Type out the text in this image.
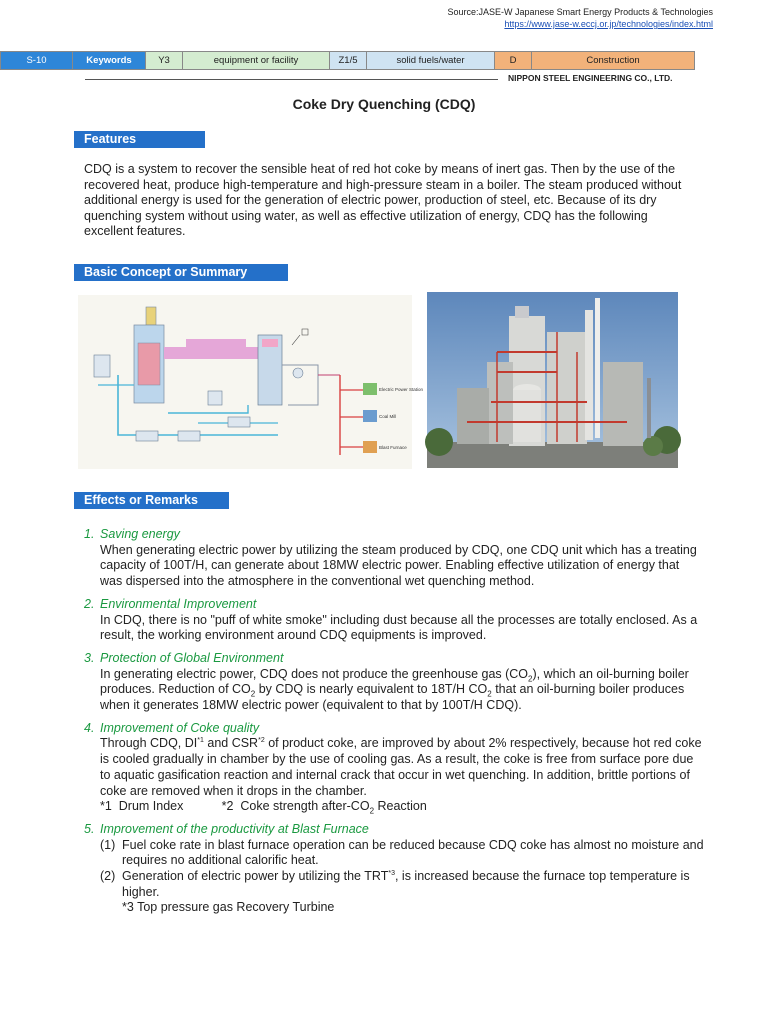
Source:JASE-W Japanese Smart Energy Products & Technologies
https://www.jase-w.eccj.or.jp/technologies/index.html
S-10	Keywords	Y3	equipment or facility	Z1/5	solid fuels/water	D	Construction
NIPPON STEEL ENGINEERING CO., LTD.
Coke Dry Quenching (CDQ)
Features
CDQ is a system to recover the sensible heat of red hot coke by means of inert gas. Then by the use of the recovered heat, produce high-temperature and high-pressure steam in a boiler. The steam produced without additional energy is used for the generation of electric power, production of steel, etc. Because of its dry quenching system without using water, as well as effective utilization of energy, CDQ has the following excellent features.
Basic Concept or Summary
Electric Power Station
Coal Mill
Blast Furnace
Effects or Remarks
1. Saving energy
When generating electric power by utilizing the steam produced by CDQ, one CDQ unit which has a treating capacity of 100T/H, can generate about 18MW electric power. Enabling effective utilization of energy that was dispersed into the atmosphere in the conventional wet quenching method.
2. Environmental Improvement
In CDQ, there is no "puff of white smoke" including dust because all the processes are totally enclosed. As a result, the working environment around CDQ equipments is improved.
3. Protection of Global Environment
In generating electric power, CDQ does not produce the greenhouse gas $(CO_2)$, which an oil-burning boiler produces. Reduction of $CO_2$ by CDQ is nearly equivalent to 18T/H $CO_2$ that an oil-burning boiler produces when it generates 18MW electric power (equivalent to that by 100T/H CDQ).
4. Improvement of Coke quality
Through CDQ, DI$^{*1}$ and CSR$^{*2}$ of product coke, are improved by about 2% respectively, because hot red coke is cooled gradually in chamber by the use of cooling gas. As a result, the coke is free from surface pore due to aquatic gasification reaction and internal crack that occur in wet quenching. In addition, brittle portions of coke are removed when it drops in the chamber.
*1  Drum Index	*2  Coke strength after-$CO_2$ Reaction
5. Improvement of the productivity at Blast Furnace
(1) Fuel coke rate in blast furnace operation can be reduced because CDQ coke has almost no moisture and requires no additional calorific heat.
(2) Generation of electric power by utilizing the TRT$^{*3}$, is increased because the furnace top temperature is higher.
*3 Top pressure gas Recovery Turbine
